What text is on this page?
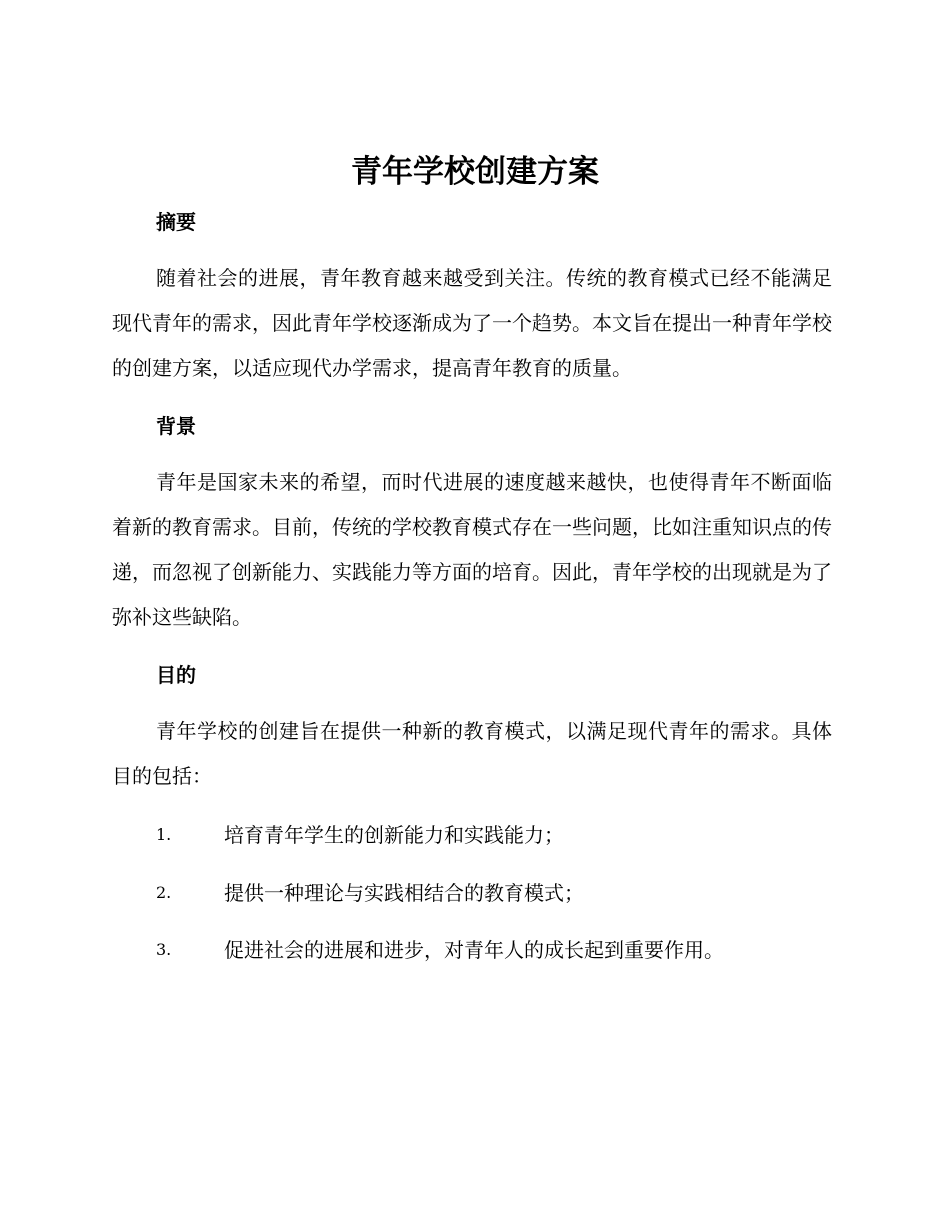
青年学校创建方案
摘要
随着社会的进展，青年教育越来越受到关注。传统的教育模式已经不能满足现代青年的需求，因此青年学校逐渐成为了一个趋势。本文旨在提出一种青年学校的创建方案，以适应现代办学需求，提高青年教育的质量。
背景
青年是国家未来的希望，而时代进展的速度越来越快，也使得青年不断面临着新的教育需求。目前，传统的学校教育模式存在一些问题，比如注重知识点的传递，而忽视了创新能力、实践能力等方面的培育。因此，青年学校的出现就是为了弥补这些缺陷。
目的
青年学校的创建旨在提供一种新的教育模式，以满足现代青年的需求。具体目的包括：
1.	培育青年学生的创新能力和实践能力；
2.	提供一种理论与实践相结合的教育模式；
3.	促进社会的进展和进步，对青年人的成长起到重要作用。
